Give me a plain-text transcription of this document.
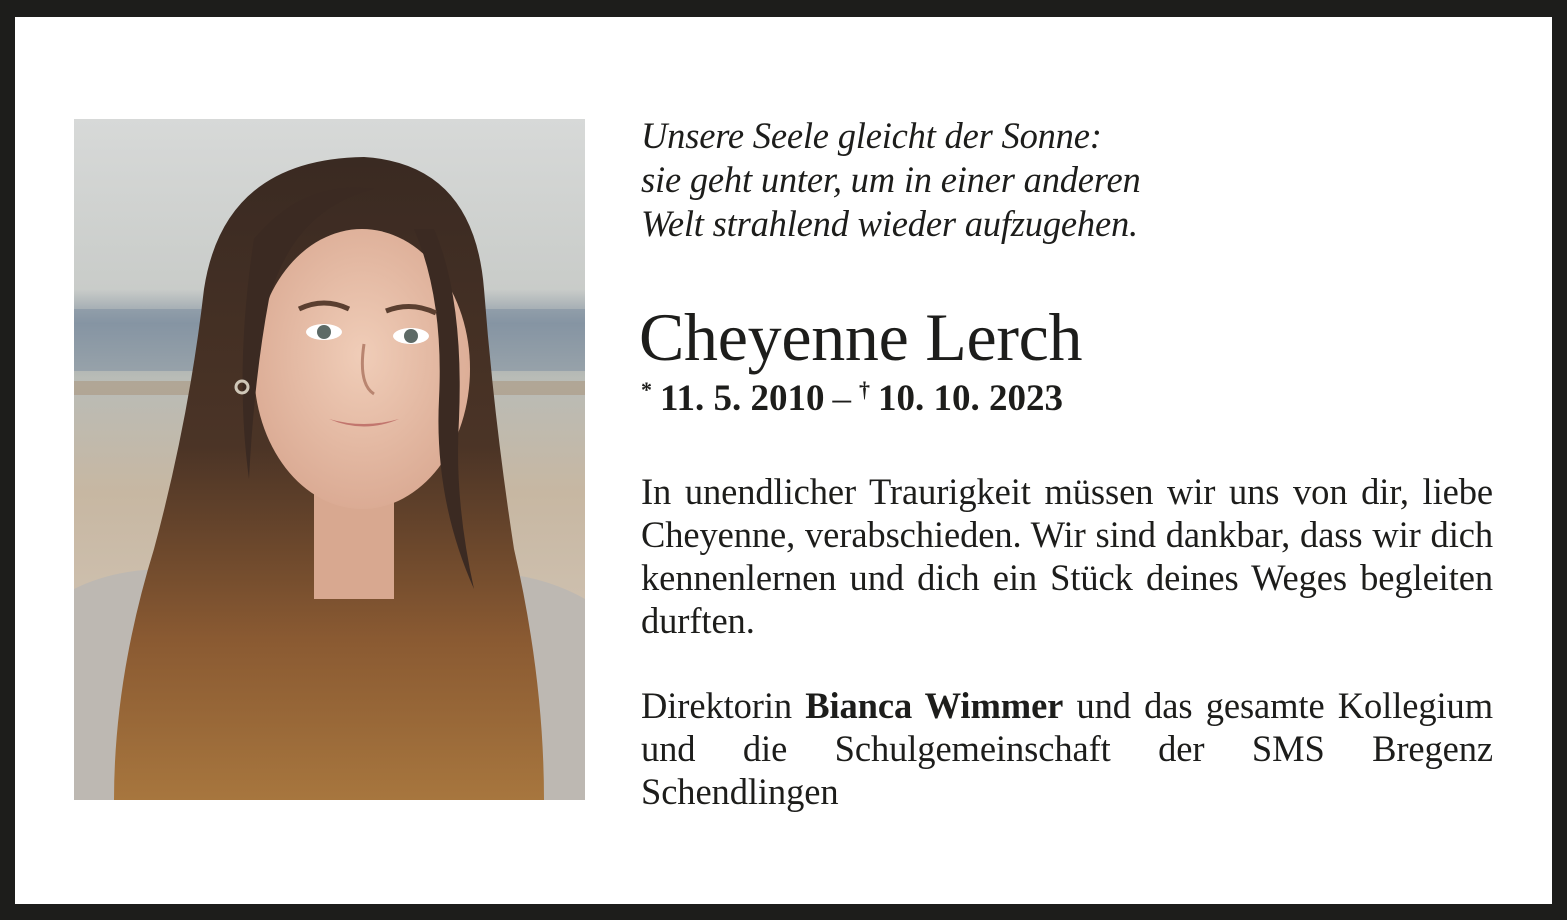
Unsere Seele gleicht der Sonne:
sie geht unter, um in einer anderen
Welt strahlend wieder aufzugehen.

Cheyenne Lerch
* 11. 5. 2010 – † 10. 10. 2023
In unendlicher Traurigkeit müssen wir uns von dir, liebe Cheyenne, verabschieden. Wir sind dankbar, dass wir dich kennenlernen und dich ein Stück deines Weges begleiten durften.
Direktorin Bianca Wimmer und das gesamte Kollegium und die Schulgemeinschaft der SMS Bregenz Schendlingen
